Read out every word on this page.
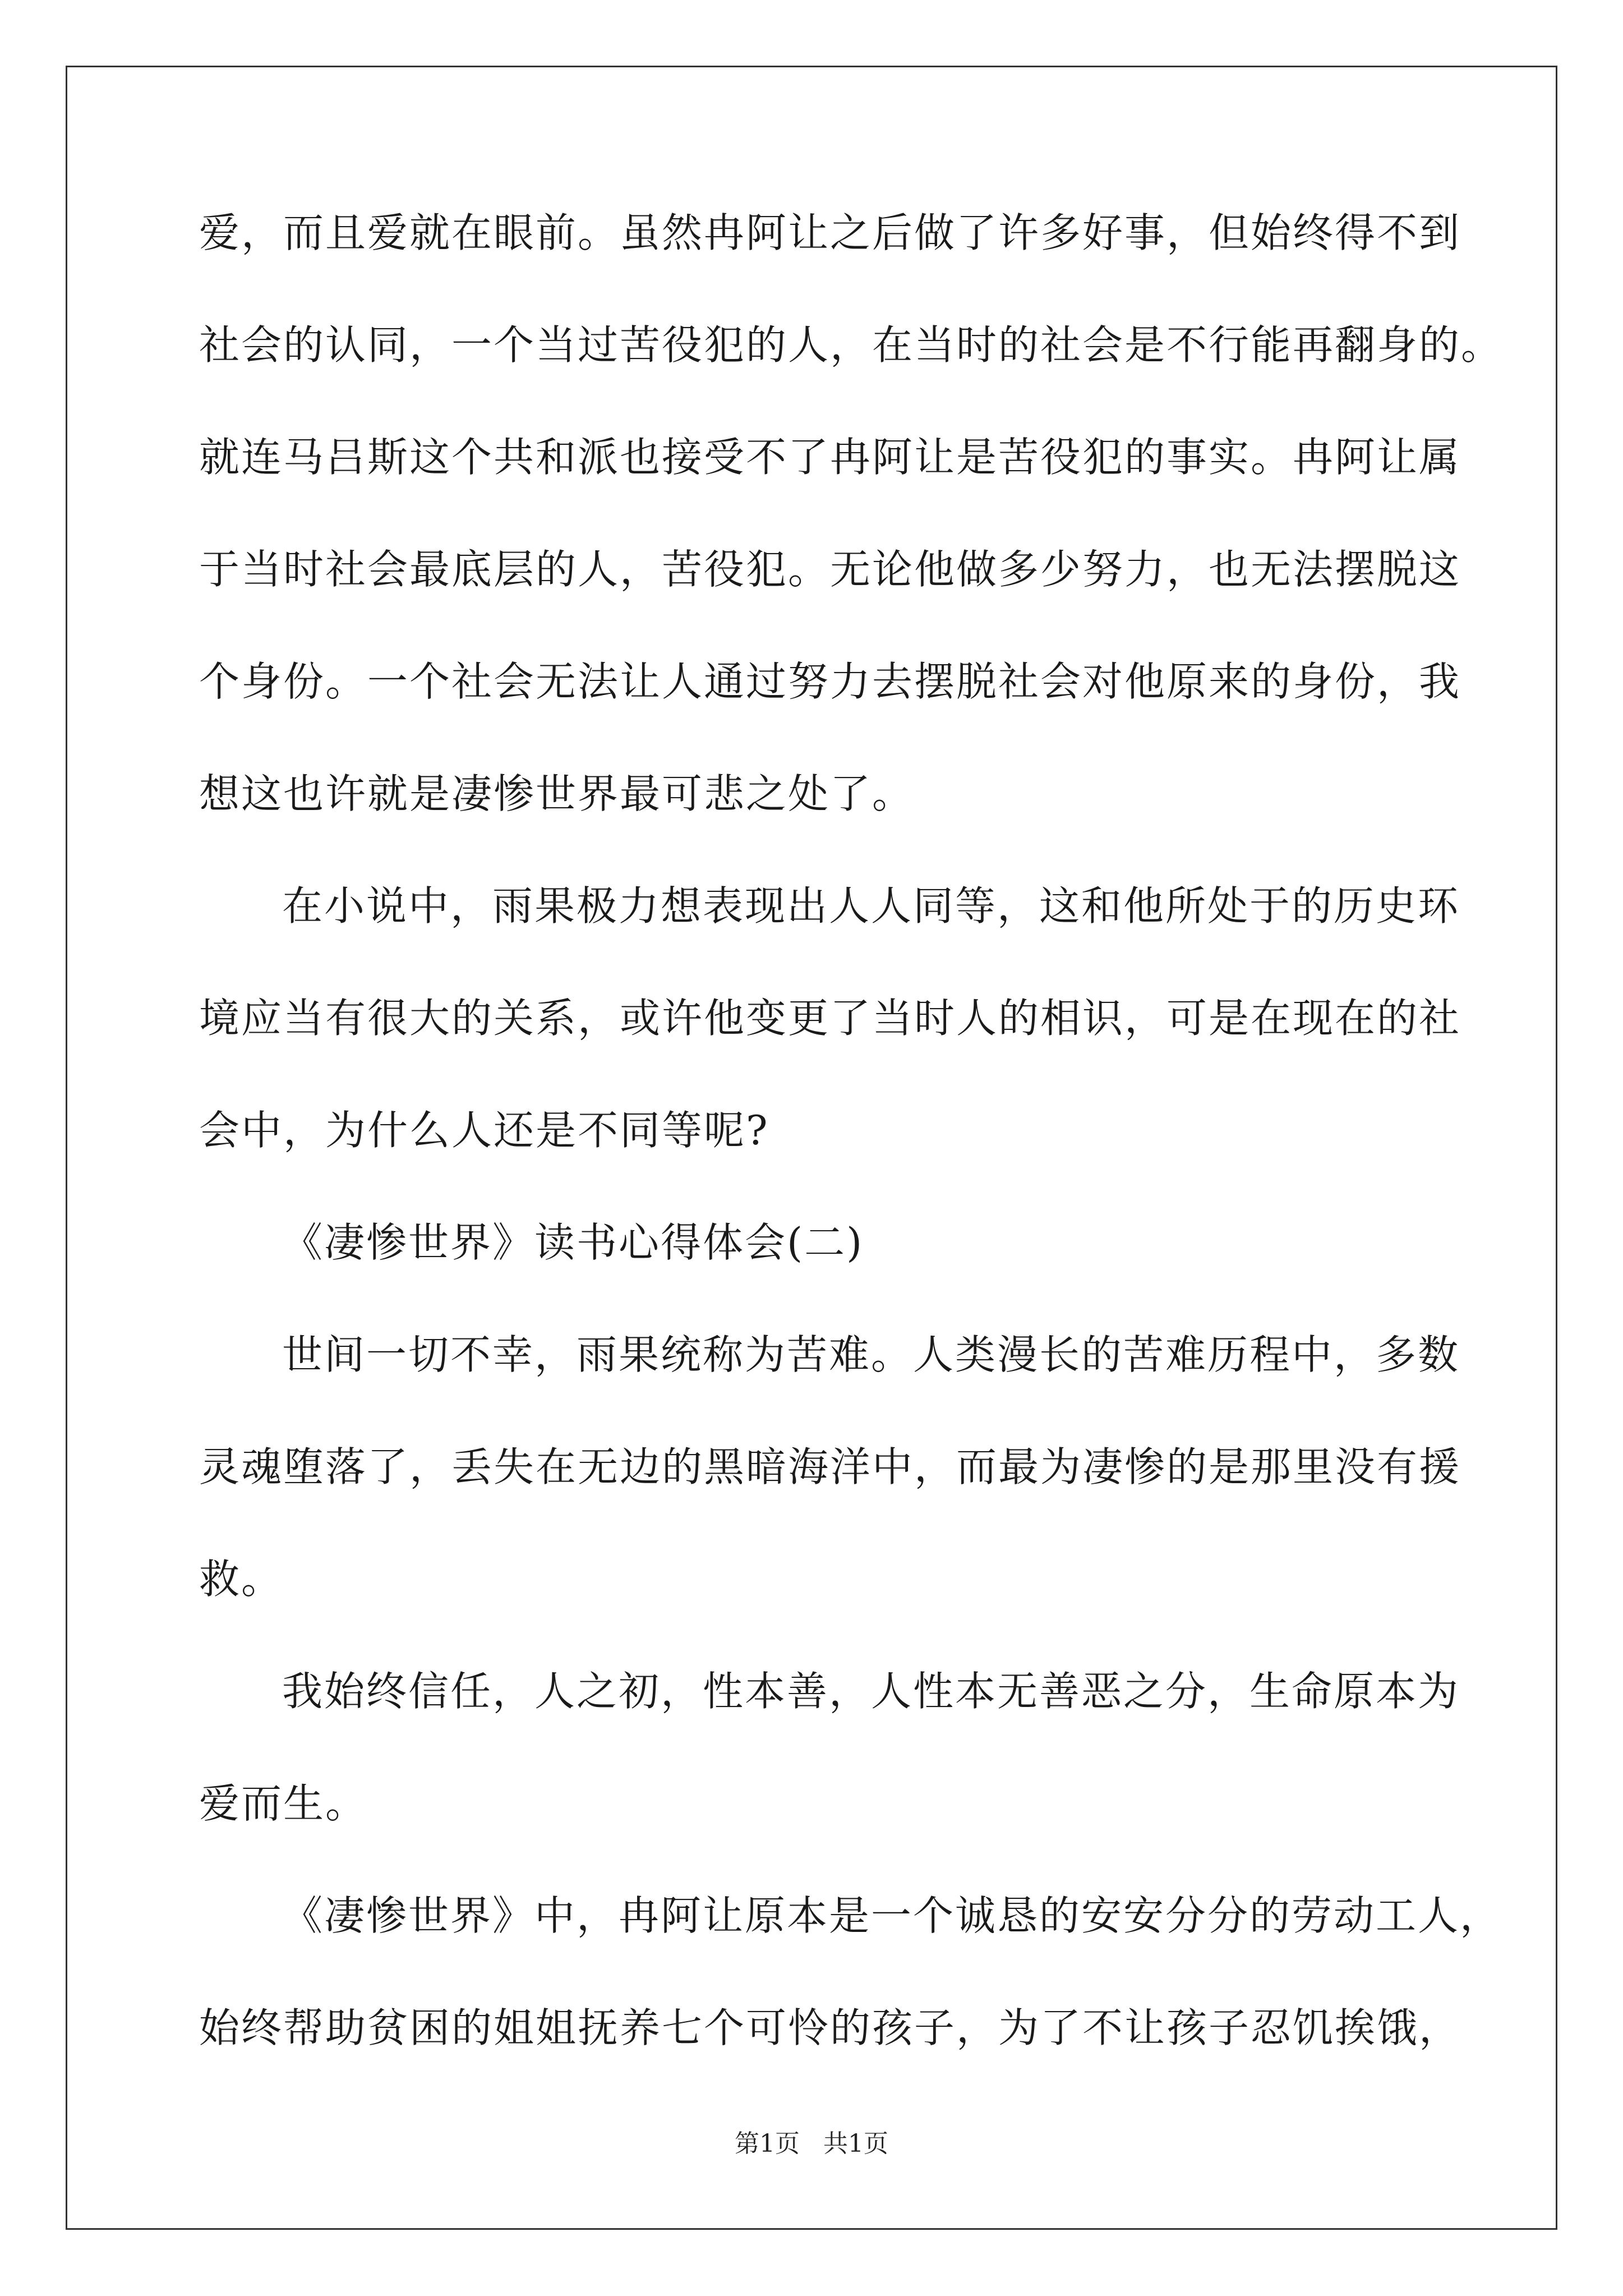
爱，而且爱就在眼前。虽然冉阿让之后做了许多好事，但始终得不到
社会的认同，一个当过苦役犯的人，在当时的社会是不行能再翻身的。
就连马吕斯这个共和派也接受不了冉阿让是苦役犯的事实。冉阿让属
于当时社会最底层的人，苦役犯。无论他做多少努力，也无法摆脱这
个身份。一个社会无法让人通过努力去摆脱社会对他原来的身份，我
想这也许就是凄惨世界最可悲之处了。
在小说中，雨果极力想表现出人人同等，这和他所处于的历史环
境应当有很大的关系，或许他变更了当时人的相识，可是在现在的社
会中，为什么人还是不同等呢?
《凄惨世界》读书心得体会(二)
世间一切不幸，雨果统称为苦难。人类漫长的苦难历程中，多数
灵魂堕落了，丢失在无边的黑暗海洋中，而最为凄惨的是那里没有援
救。
我始终信任，人之初，性本善，人性本无善恶之分，生命原本为
爱而生。
《凄惨世界》中，冉阿让原本是一个诚恳的安安分分的劳动工人，
始终帮助贫困的姐姐抚养七个可怜的孩子，为了不让孩子忍饥挨饿，
第1页 共1页
